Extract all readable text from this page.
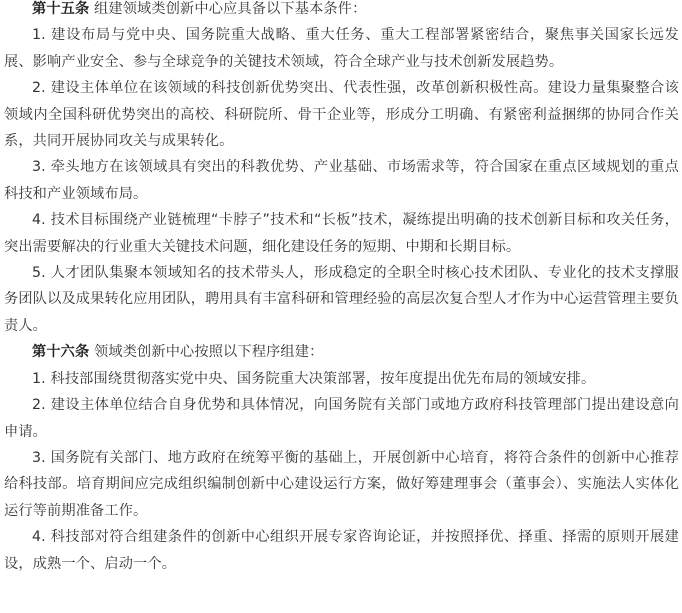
第十五条 组建领域类创新中心应具备以下基本条件：

1. 建设布局与党中央、国务院重大战略、重大任务、重大工程部署紧密结合，聚焦事关国家长远发展、影响产业安全、参与全球竞争的关键技术领域，符合全球产业与技术创新发展趋势。

2. 建设主体单位在该领域的科技创新优势突出、代表性强，改革创新积极性高。建设力量集聚整合该领域内全国科研优势突出的高校、科研院所、骨干企业等，形成分工明确、有紧密利益捆绑的协同合作关系，共同开展协同攻关与成果转化。

3. 牵头地方在该领域具有突出的科教优势、产业基础、市场需求等，符合国家在重点区域规划的重点科技和产业领域布局。

4. 技术目标围绕产业链梳理“卡脖子”技术和“长板”技术，凝练提出明确的技术创新目标和攻关任务，突出需要解决的行业重大关键技术问题，细化建设任务的短期、中期和长期目标。

5. 人才团队集聚本领域知名的技术带头人，形成稳定的全职全时核心技术团队、专业化的技术支撑服务团队以及成果转化应用团队，聘用具有丰富科研和管理经验的高层次复合型人才作为中心运营管理主要负责人。

第十六条 领域类创新中心按照以下程序组建：

1. 科技部围绕贯彻落实党中央、国务院重大决策部署，按年度提出优先布局的领域安排。

2. 建设主体单位结合自身优势和具体情况，向国务院有关部门或地方政府科技管理部门提出建设意向申请。

3. 国务院有关部门、地方政府在统筹平衡的基础上，开展创新中心培育，将符合条件的创新中心推荐给科技部。培育期间应完成组织编制创新中心建设运行方案，做好筹建理事会（董事会）、实施法人实体化运行等前期准备工作。

4. 科技部对符合组建条件的创新中心组织开展专家咨询论证，并按照择优、择重、择需的原则开展建设，成熟一个、启动一个。
